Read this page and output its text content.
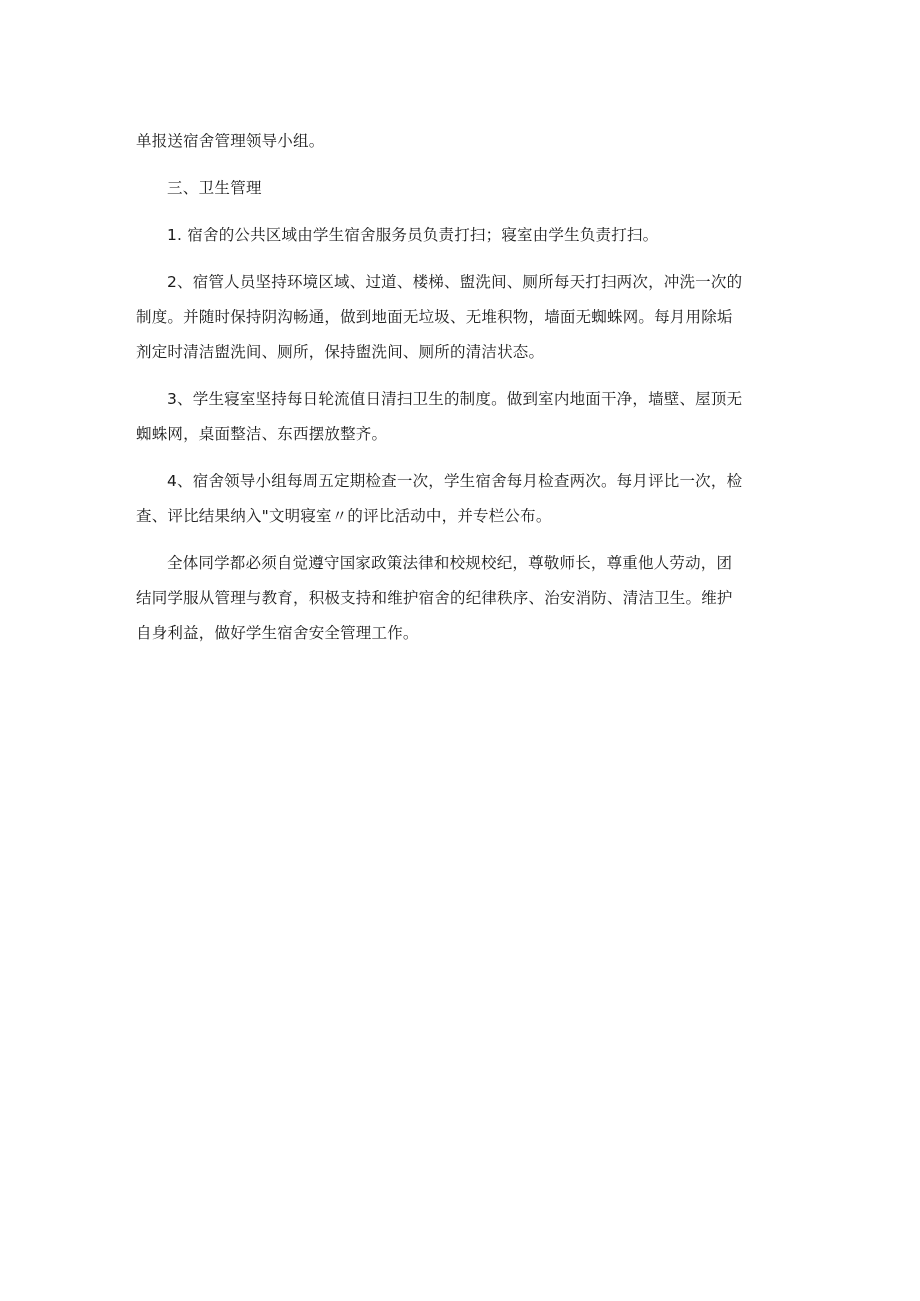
单报送宿舍管理领导小组。

三、卫生管理

1. 宿舍的公共区域由学生宿舍服务员负责打扫；寝室由学生负责打扫。

2、宿管人员坚持环境区域、过道、楼梯、盥洗间、厕所每天打扫两次，冲洗一次的
制度。并随时保持阴沟畅通，做到地面无垃圾、无堆积物，墙面无蜘蛛网。每月用除垢
剂定时清洁盥洗间、厕所，保持盥洗间、厕所的清洁状态。

3、学生寝室坚持每日轮流值日清扫卫生的制度。做到室内地面干净，墙壁、屋顶无
蜘蛛网，桌面整洁、东西摆放整齐。

4、宿舍领导小组每周五定期检查一次，学生宿舍每月检查两次。每月评比一次，检
查、评比结果纳入"文明寝室〃的评比活动中，并专栏公布。

全体同学都必须自觉遵守国家政策法律和校规校纪，尊敬师长，尊重他人劳动，团
结同学服从管理与教育，积极支持和维护宿舍的纪律秩序、治安消防、清洁卫生。维护
自身利益，做好学生宿舍安全管理工作。
